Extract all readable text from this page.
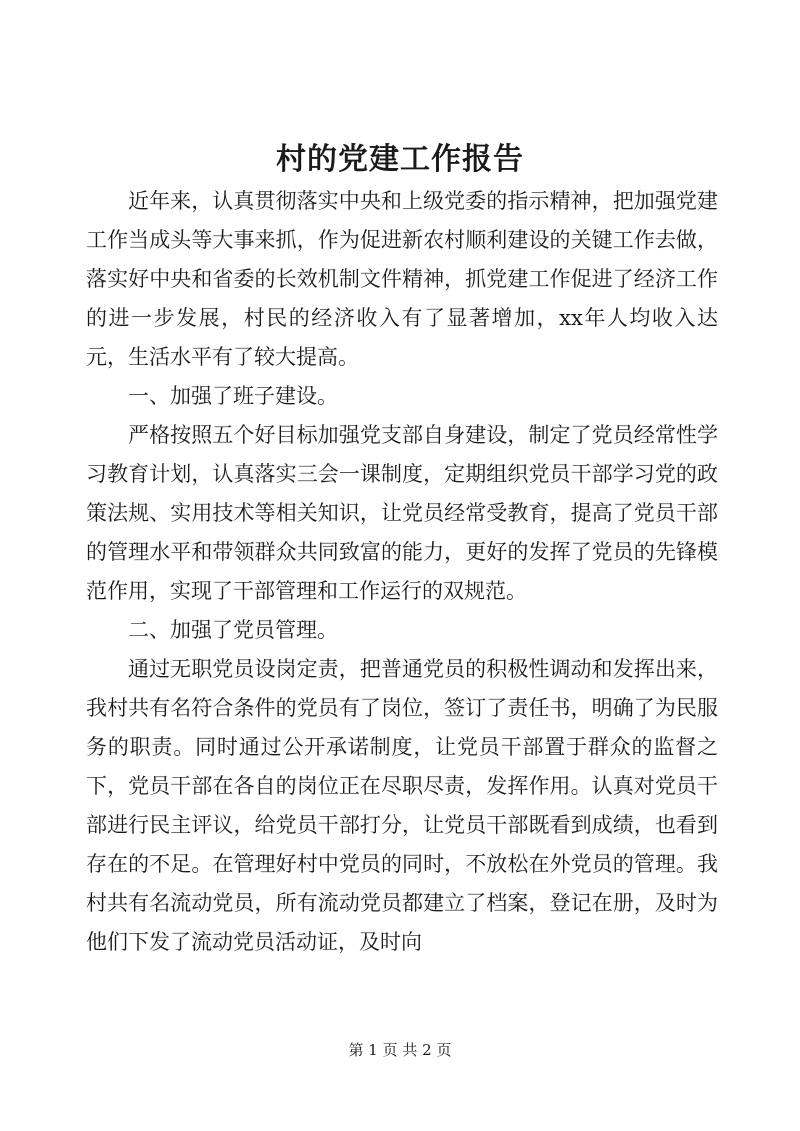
村的党建工作报告

近年来，认真贯彻落实中央和上级党委的指示精神，把加强党建工作当成头等大事来抓，作为促进新农村顺利建设的关键工作去做，落实好中央和省委的长效机制文件精神，抓党建工作促进了经济工作的进一步发展，村民的经济收入有了显著增加，xx年人均收入达元，生活水平有了较大提高。

一、加强了班子建设。

严格按照五个好目标加强党支部自身建设，制定了党员经常性学习教育计划，认真落实三会一课制度，定期组织党员干部学习党的政策法规、实用技术等相关知识，让党员经常受教育，提高了党员干部的管理水平和带领群众共同致富的能力，更好的发挥了党员的先锋模范作用，实现了干部管理和工作运行的双规范。

二、加强了党员管理。

通过无职党员设岗定责，把普通党员的积极性调动和发挥出来，我村共有名符合条件的党员有了岗位，签订了责任书，明确了为民服务的职责。同时通过公开承诺制度，让党员干部置于群众的监督之下，党员干部在各自的岗位正在尽职尽责，发挥作用。认真对党员干部进行民主评议，给党员干部打分，让党员干部既看到成绩，也看到存在的不足。在管理好村中党员的同时，不放松在外党员的管理。我村共有名流动党员，所有流动党员都建立了档案，登记在册，及时为他们下发了流动党员活动证，及时向

第 1 页 共 2 页
